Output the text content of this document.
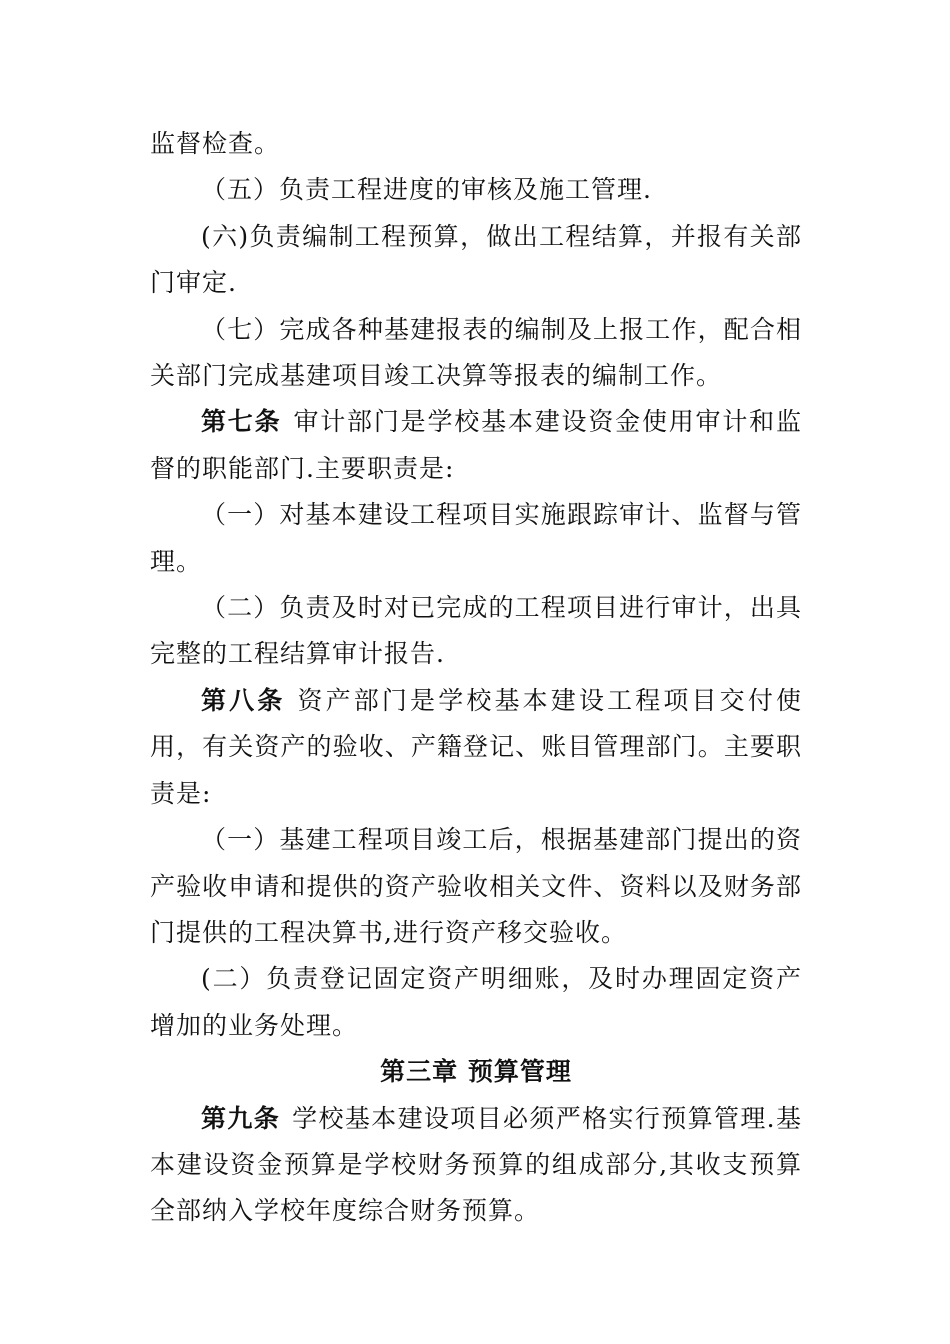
监督检查。

（五）负责工程进度的审核及施工管理.

(六)负责编制工程预算，做出工程结算，并报有关部门审定.

（七）完成各种基建报表的编制及上报工作，配合相关部门完成基建项目竣工决算等报表的编制工作。

第七条 审计部门是学校基本建设资金使用审计和监督的职能部门.主要职责是:

（一）对基本建设工程项目实施跟踪审计、监督与管理。

（二）负责及时对已完成的工程项目进行审计，出具完整的工程结算审计报告.

第八条 资产部门是学校基本建设工程项目交付使用，有关资产的验收、产籍登记、账目管理部门。主要职责是:

（一）基建工程项目竣工后，根据基建部门提出的资产验收申请和提供的资产验收相关文件、资料以及财务部门提供的工程决算书,进行资产移交验收。

(二）负责登记固定资产明细账，及时办理固定资产增加的业务处理。

第三章 预算管理

第九条 学校基本建设项目必须严格实行预算管理.基本建设资金预算是学校财务预算的组成部分,其收支预算全部纳入学校年度综合财务预算。
